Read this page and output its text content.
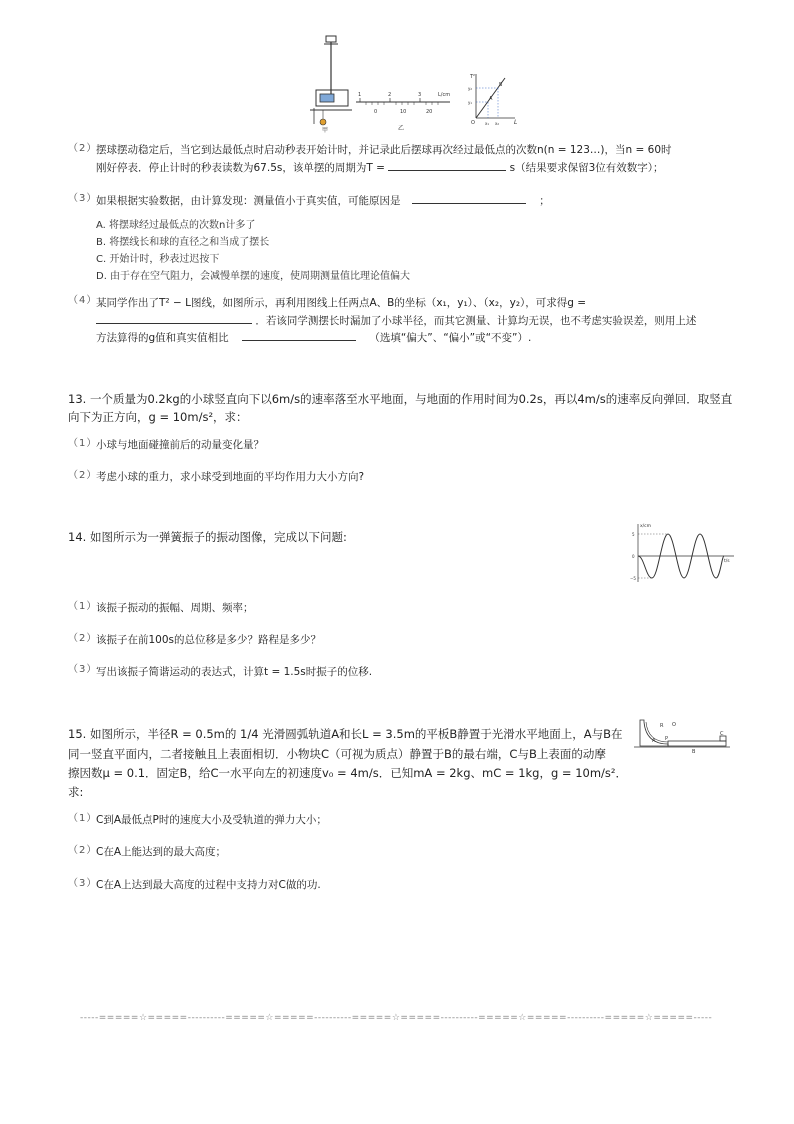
甲
1	2	3
0	10	20
L/cm
乙
T²
L
O
A
B
y₂
y₁
x₁ x₂
（2）
摆球摆动稳定后，当它到达最低点时启动秒表开始计时，并记录此后摆球再次经过最低点的次数n(n = 123…)，当n = 60时
刚好停表．停止计时的秒表读数为67.5s，该单摆的周期为T =	s（结果要求保留3位有效数字）；
（3）
如果根据实验数据，由计算发现：测量值小于真实值，可能原因是	；
A. 将摆球经过最低点的次数n计多了
B. 将摆线长和球的直径之和当成了摆长
C. 开始计时，秒表过迟按下
D. 由于存在空气阻力，会减慢单摆的速度，使周期测量值比理论值偏大
（4）
某同学作出了T² − L图线，如图所示，再利用图线上任两点A、B的坐标（x₁，y₁）、（x₂，y₂），可求得g =
．若该同学测摆长时漏加了小球半径，而其它测量、计算均无误，也不考虑实验误差，则用上述
方法算得的g值和真实值相比	（选填“偏大”、“偏小”或“不变”）.
13. 一个质量为0.2kg的小球竖直向下以6m/s的速率落至水平地面，与地面的作用时间为0.2s，再以4m/s的速率反向弹回．取竖直
向下为正方向，g = 10m/s²，求：
（1）
小球与地面碰撞前后的动量变化量？
（2）
考虑小球的重力，求小球受到地面的平均作用力大小方向?
14. 如图所示为一弹簧振子的振动图像，完成以下问题:
x/cm
t/s
5
0
−5
（1）
该振子振动的振幅、周期、频率；
（2）
该振子在前100s的总位移是多少？路程是多少？
（3）
写出该振子简谐运动的表达式，计算t = 1.5s时振子的位移.
15. 如图所示，半径R = 0.5m的 1/4 光滑圆弧轨道A和长L = 3.5m的平板B静置于光滑水平地面上，A与B在
同一竖直平面内，二者接触且上表面相切．小物块C（可视为质点）静置于B的最右端，C与B上表面的动摩
擦因数μ = 0.1．固定B，给C一水平向左的初速度v₀ = 4m/s．已知mA = 2kg、mC = 1kg，g = 10m/s²．
求:
R O
A P
B
C
（1）
C到A最低点P时的速度大小及受轨道的弹力大小；
（2）
C在A上能达到的最大高度；
（3）
C在A上达到最大高度的过程中支持力对C做的功.
-----=====☆=====----------=====☆=====----------=====☆=====----------=====☆=====----------=====☆=====-----
